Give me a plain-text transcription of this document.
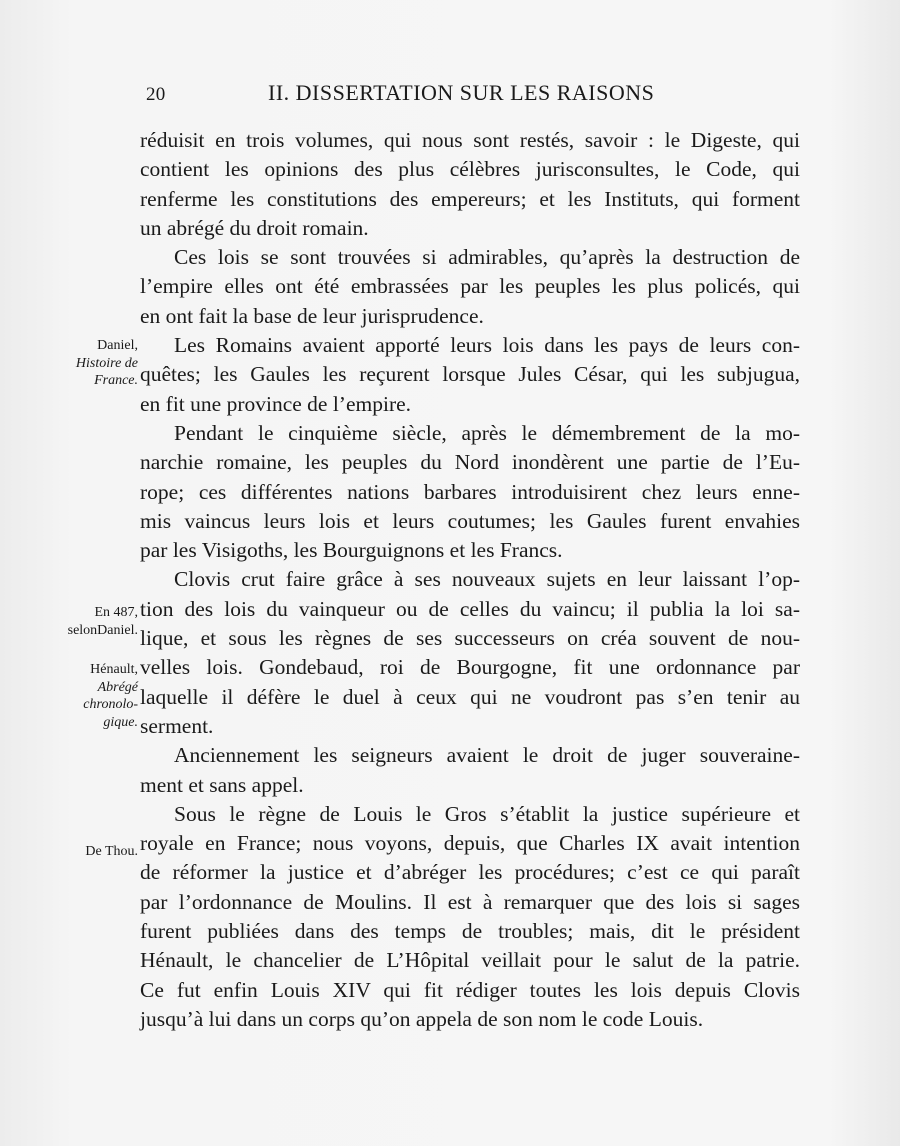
20	II. DISSERTATION SUR LES RAISONS

réduisit en trois volumes, qui nous sont restés, savoir : le Digeste, qui
contient les opinions des plus célèbres jurisconsultes, le Code, qui
renferme les constitutions des empereurs; et les Instituts, qui forment
un abrégé du droit romain.

Ces lois se sont trouvées si admirables, qu’après la destruction de
l’empire elles ont été embrassées par les peuples les plus policés, qui
en ont fait la base de leur jurisprudence.

Les Romains avaient apporté leurs lois dans les pays de leurs con-
quêtes; les Gaules les reçurent lorsque Jules César, qui les subjugua,
en fit une province de l’empire.

Pendant le cinquième siècle, après le démembrement de la mo-
narchie romaine, les peuples du Nord inondèrent une partie de l’Eu-
rope; ces différentes nations barbares introduisirent chez leurs enne-
mis vaincus leurs lois et leurs coutumes; les Gaules furent envahies
par les Visigoths, les Bourguignons et les Francs.

Clovis crut faire grâce à ses nouveaux sujets en leur laissant l’op-
tion des lois du vainqueur ou de celles du vaincu; il publia la loi sa-
lique, et sous les règnes de ses successeurs on créa souvent de nou-
velles lois. Gondebaud, roi de Bourgogne, fit une ordonnance par
laquelle il défère le duel à ceux qui ne voudront pas s’en tenir au
serment.

Anciennement les seigneurs avaient le droit de juger souveraine-
ment et sans appel.

Sous le règne de Louis le Gros s’établit la justice supérieure et
royale en France; nous voyons, depuis, que Charles IX avait intention
de réformer la justice et d’abréger les procédures; c’est ce qui paraît
par l’ordonnance de Moulins. Il est à remarquer que des lois si sages
furent publiées dans des temps de troubles; mais, dit le président
Hénault, le chancelier de L’Hôpital veillait pour le salut de la patrie.
Ce fut enfin Louis XIV qui fit rédiger toutes les lois depuis Clovis
jusqu’à lui dans un corps qu’on appela de son nom le code Louis.

Daniel,
Histoire de
France.
En 487,
selonDaniel.
Hénault,
Abrégé
chronolo-
gique.
De Thou.
